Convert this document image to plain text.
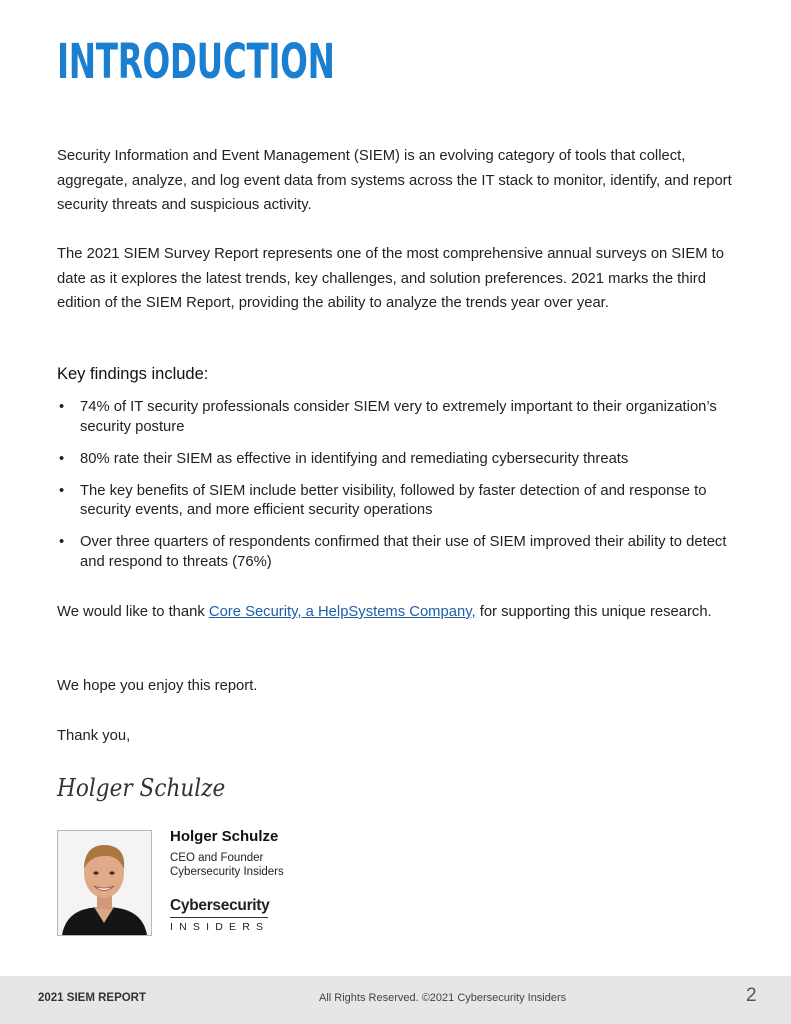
INTRODUCTION
Security Information and Event Management (SIEM) is an evolving category of tools that collect, aggregate, analyze, and log event data from systems across the IT stack to monitor, identify, and report security threats and suspicious activity.
The 2021 SIEM Survey Report represents one of the most comprehensive annual surveys on SIEM to date as it explores the latest trends, key challenges, and solution preferences. 2021 marks the third edition of the SIEM Report, providing the ability to analyze the trends year over year.
Key findings include:
• 74% of IT security professionals consider SIEM very to extremely important to their organization’s security posture
• 80% rate their SIEM as effective in identifying and remediating cybersecurity threats
• The key benefits of SIEM include better visibility, followed by faster detection of and response to security events, and more efficient security operations
• Over three quarters of respondents confirmed that their use of SIEM improved their ability to detect and respond to threats (76%)
We would like to thank Core Security, a HelpSystems Company, for supporting this unique research.
We hope you enjoy this report.
Thank you,
Holger Schulze
Holger Schulze
CEO and Founder
Cybersecurity Insiders
Cybersecurity
INSIDERS
2021 SIEM REPORT	All Rights Reserved. ©2021 Cybersecurity Insiders	2
